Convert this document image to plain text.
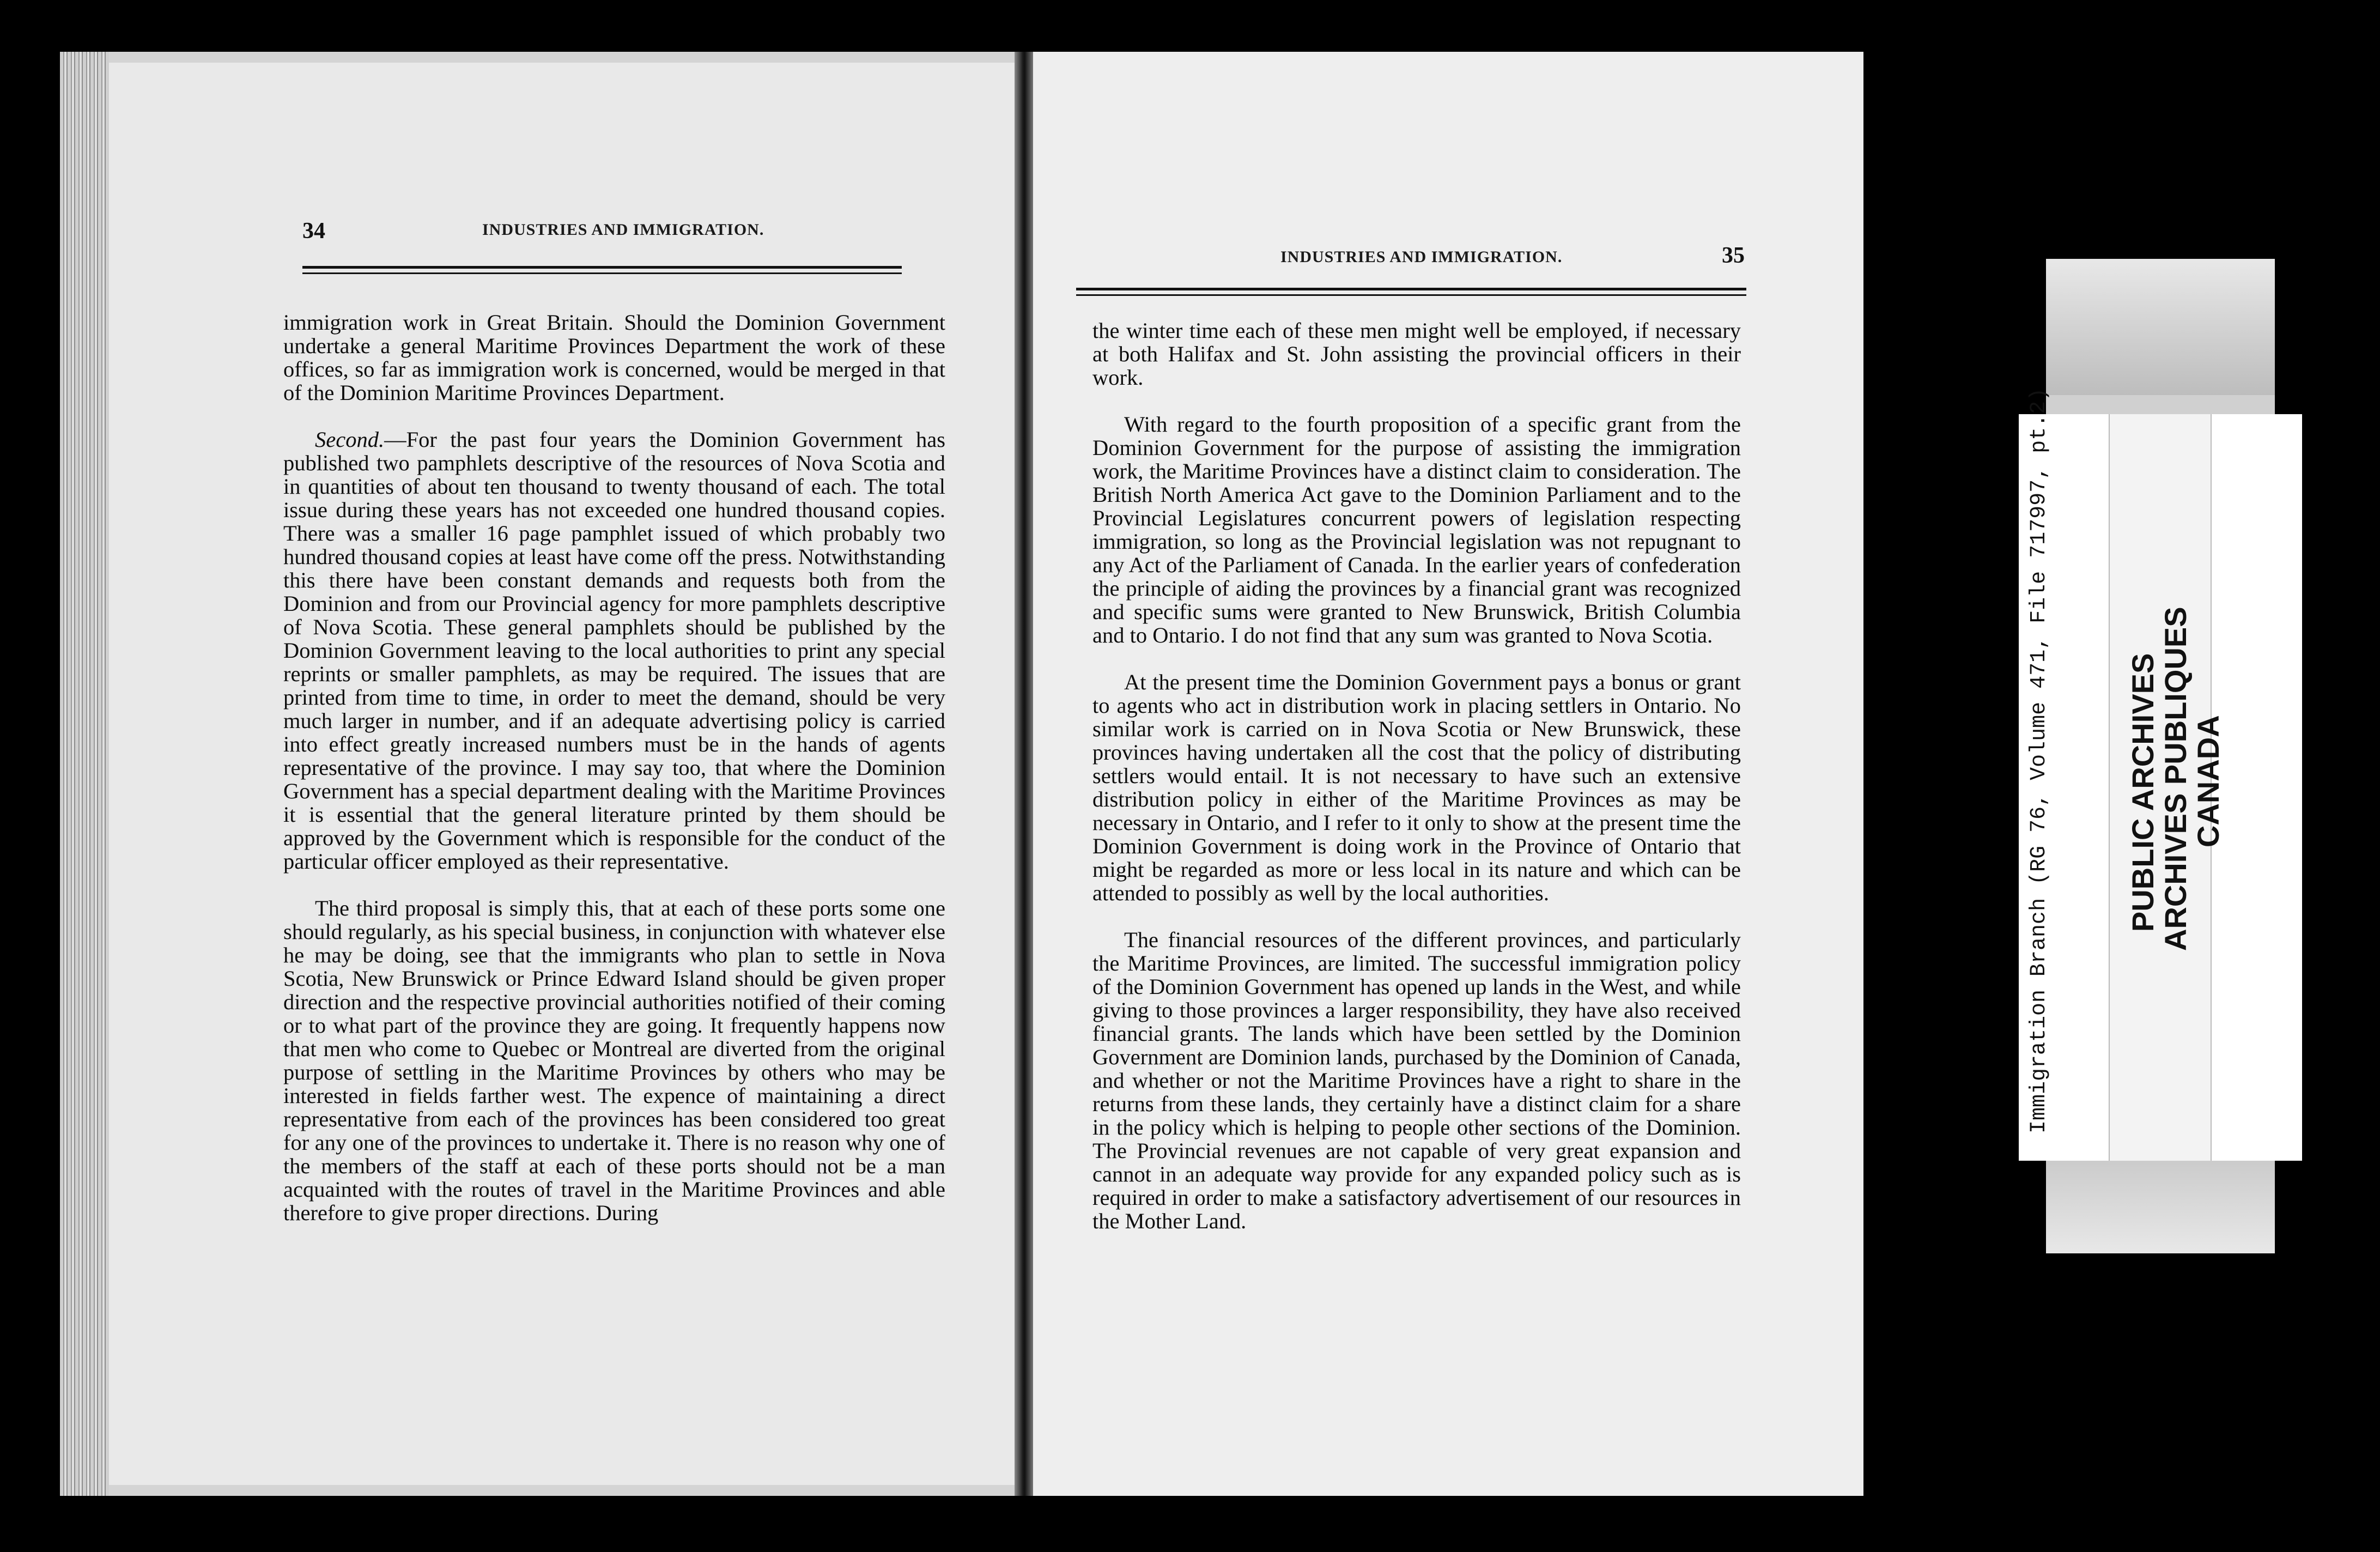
34	INDUSTRIES AND IMMIGRATION.

immigration work in Great Britain. Should the Dominion Government undertake a general Maritime Provinces Department the work of these offices, so far as immigration work is concerned, would be merged in that of the Dominion Maritime Provinces Department.

Second.—For the past four years the Dominion Government has published two pamphlets descriptive of the resources of Nova Scotia and in quantities of about ten thousand to twenty thousand of each. The total issue during these years has not exceeded one hundred thousand copies. There was a smaller 16 page pamphlet issued of which probably two hundred thousand copies at least have come off the press. Notwithstanding this there have been constant demands and requests both from the Dominion and from our Provincial agency for more pamphlets descriptive of Nova Scotia. These general pamphlets should be published by the Dominion Government leaving to the local authorities to print any special reprints or smaller pamphlets, as may be required. The issues that are printed from time to time, in order to meet the demand, should be very much larger in number, and if an adequate advertising policy is carried into effect greatly increased numbers must be in the hands of agents representative of the province. I may say too, that where the Dominion Government has a special department dealing with the Maritime Provinces it is essential that the general literature printed by them should be approved by the Government which is responsible for the conduct of the particular officer employed as their representative.

The third proposal is simply this, that at each of these ports some one should regularly, as his special business, in conjunction with whatever else he may be doing, see that the immigrants who plan to settle in Nova Scotia, New Brunswick or Prince Edward Island should be given proper direction and the respective provincial authorities notified of their coming or to what part of the province they are going. It frequently happens now that men who come to Quebec or Montreal are diverted from the original purpose of settling in the Maritime Provinces by others who may be interested in fields farther west. The expence of maintaining a direct representative from each of the provinces has been considered too great for any one of the provinces to undertake it. There is no reason why one of the members of the staff at each of these ports should not be a man acquainted with the routes of travel in the Maritime Provinces and able therefore to give proper directions. During

INDUSTRIES AND IMMIGRATION.	35

the winter time each of these men might well be employed, if necessary at both Halifax and St. John assisting the provincial officers in their work.

With regard to the fourth proposition of a specific grant from the Dominion Government for the purpose of assisting the immigration work, the Maritime Provinces have a distinct claim to consideration. The British North America Act gave to the Dominion Parliament and to the Provincial Legislatures concurrent powers of legislation respecting immigration, so long as the Provincial legislation was not repugnant to any Act of the Parliament of Canada. In the earlier years of confederation the principle of aiding the provinces by a financial grant was recognized and specific sums were granted to New Brunswick, British Columbia and to Ontario. I do not find that any sum was granted to Nova Scotia.

At the present time the Dominion Government pays a bonus or grant to agents who act in distribution work in placing settlers in Ontario. No similar work is carried on in Nova Scotia or New Brunswick, these provinces having undertaken all the cost that the policy of distributing settlers would entail. It is not necessary to have such an extensive distribution policy in either of the Maritime Provinces as may be necessary in Ontario, and I refer to it only to show at the present time the Dominion Government is doing work in the Province of Ontario that might be regarded as more or less local in its nature and which can be attended to possibly as well by the local authorities.

The financial resources of the different provinces, and particularly the Maritime Provinces, are limited. The successful immigration policy of the Dominion Government has opened up lands in the West, and while giving to those provinces a larger responsibility, they have also received financial grants. The lands which have been settled by the Dominion Government are Dominion lands, purchased by the Dominion of Canada, and whether or not the Maritime Provinces have a right to share in the returns from these lands, they certainly have a distinct claim for a share in the policy which is helping to people other sections of the Dominion. The Provincial revenues are not capable of very great expansion and cannot in an adequate way provide for any expanded policy such as is required in order to make a satisfactory advertisement of our resources in the Mother Land.

Immigration Branch (RG 76, Volume 471, File 717997, pt.2) PUBLIC ARCHIVES
ARCHIVES PUBLIQUES
CANADA
